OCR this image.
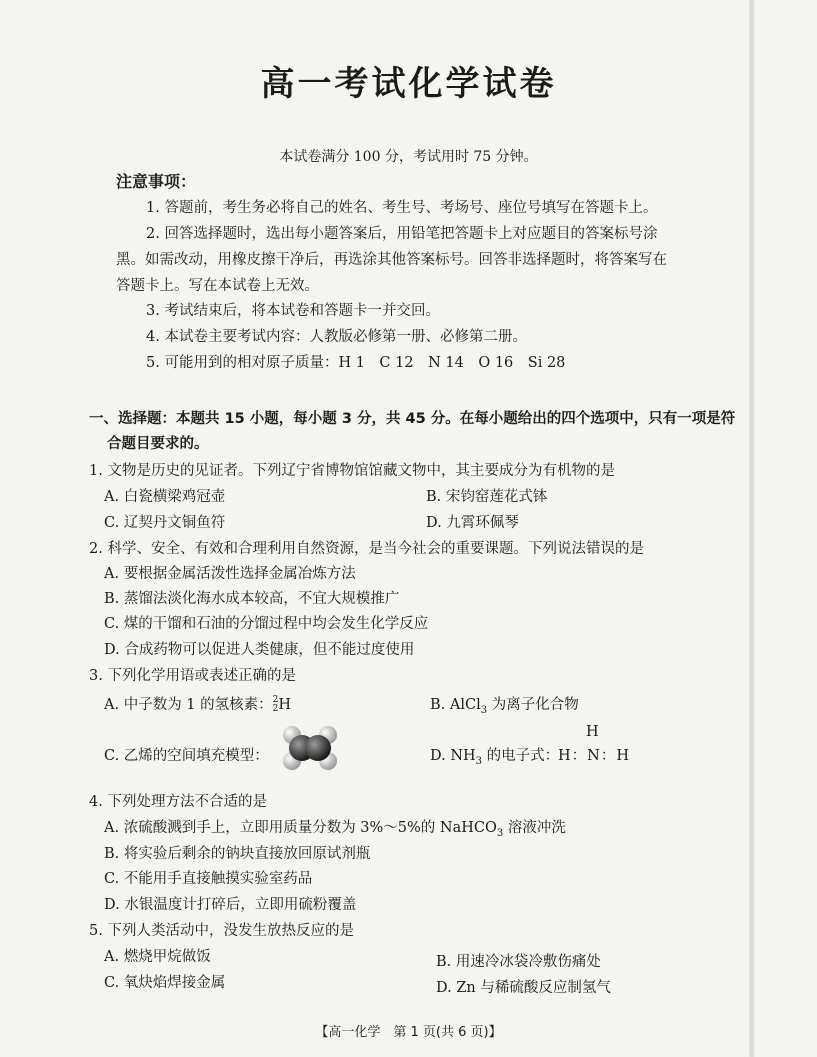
高一考试化学试卷
本试卷满分 100 分，考试用时 75 分钟。
注意事项：
1. 答题前，考生务必将自己的姓名、考生号、考场号、座位号填写在答题卡上。
2. 回答选择题时，选出每小题答案后，用铅笔把答题卡上对应题目的答案标号涂
黑。如需改动，用橡皮擦干净后，再选涂其他答案标号。回答非选择题时，将答案写在
答题卡上。写在本试卷上无效。
3. 考试结束后，将本试卷和答题卡一并交回。
4. 本试卷主要考试内容：人教版必修第一册、必修第二册。
5. 可能用到的相对原子质量：H 1　C 12　N 14　O 16　Si 28
一、选择题：本题共 15 小题，每小题 3 分，共 45 分。在每小题给出的四个选项中，只有一项是符
合题目要求的。
1. 文物是历史的见证者。下列辽宁省博物馆馆藏文物中，其主要成分为有机物的是
A. 白瓷横梁鸡冠壶	B. 宋钧窑莲花式钵
C. 辽契丹文铜鱼符	D. 九霄环佩琴
2. 科学、安全、有效和合理利用自然资源，是当今社会的重要课题。下列说法错误的是
A. 要根据金属活泼性选择金属冶炼方法
B. 蒸馏法淡化海水成本较高，不宜大规模推广
C. 煤的干馏和石油的分馏过程中均会发生化学反应
D. 合成药物可以促进人类健康，但不能过度使用
3. 下列化学用语或表述正确的是
A. 中子数为 1 的氢核素： 2
2 H	B. AlCl$_3$ 为离子化合物
C. 乙烯的空间填充模型：	D. $NH_3$ 的电子式：
H
H：N：H
4. 下列处理方法不合适的是
A. 浓硫酸溅到手上，立即用质量分数为 3%～5%的 NaHCO$_3$ 溶液冲洗
B. 将实验后剩余的钠块直接放回原试剂瓶
C. 不能用手直接触摸实验室药品
D. 水银温度计打碎后，立即用硫粉覆盖
5. 下列人类活动中，没发生放热反应的是
A. 燃烧甲烷做饭	B. 用速冷冰袋冷敷伤痛处
C. 氧炔焰焊接金属	D. Zn 与稀硫酸反应制氢气
【高一化学　第 1 页(共 6 页)】
